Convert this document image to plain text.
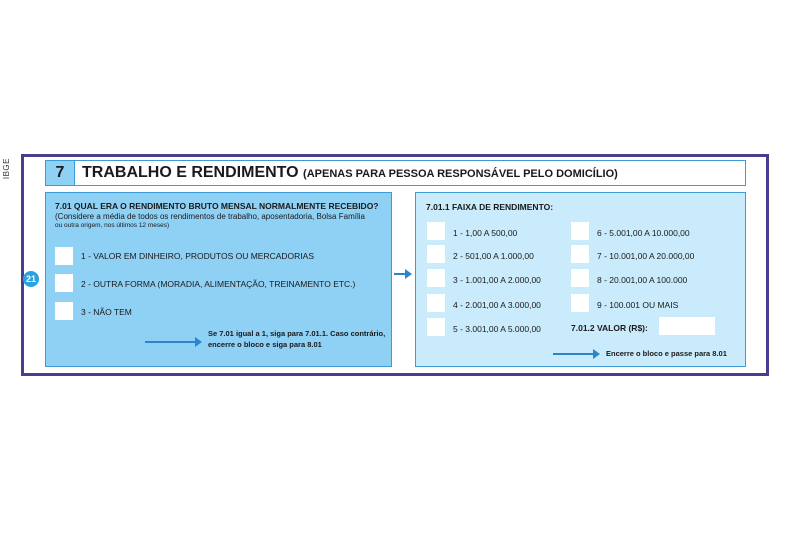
IBGE	7	TRABALHO E RENDIMENTO (APENAS PARA PESSOA RESPONSÁVEL PELO DOMICÍLIO)
21
7.01 QUAL ERA O RENDIMENTO BRUTO MENSAL NORMALMENTE RECEBIDO?
(Considere a média de todos os rendimentos de trabalho, aposentadoria, Bolsa Família
ou outra origem, nos últimos 12 meses)
1 - VALOR EM DINHEIRO, PRODUTOS OU MERCADORIAS
2 - OUTRA FORMA (MORADIA, ALIMENTAÇÃO, TREINAMENTO ETC.)
3 - NÃO TEM
Se 7.01 igual a 1, siga para 7.01.1. Caso contrário,
encerre o bloco e siga para 8.01
7.01.1 FAIXA DE RENDIMENTO:
1 - 1,00 A 500,00
2 - 501,00 A 1.000,00
3 - 1.001,00 A 2.000,00
4 - 2.001,00 A 3.000,00
5 - 3.001,00 A 5.000,00
6 - 5.001,00 A 10.000,00
7 - 10.001,00 A 20.000,00
8 - 20.001,00 A 100.000
9 - 100.001 OU MAIS
7.01.2 VALOR (R$):
Encerre o bloco e passe para 8.01
